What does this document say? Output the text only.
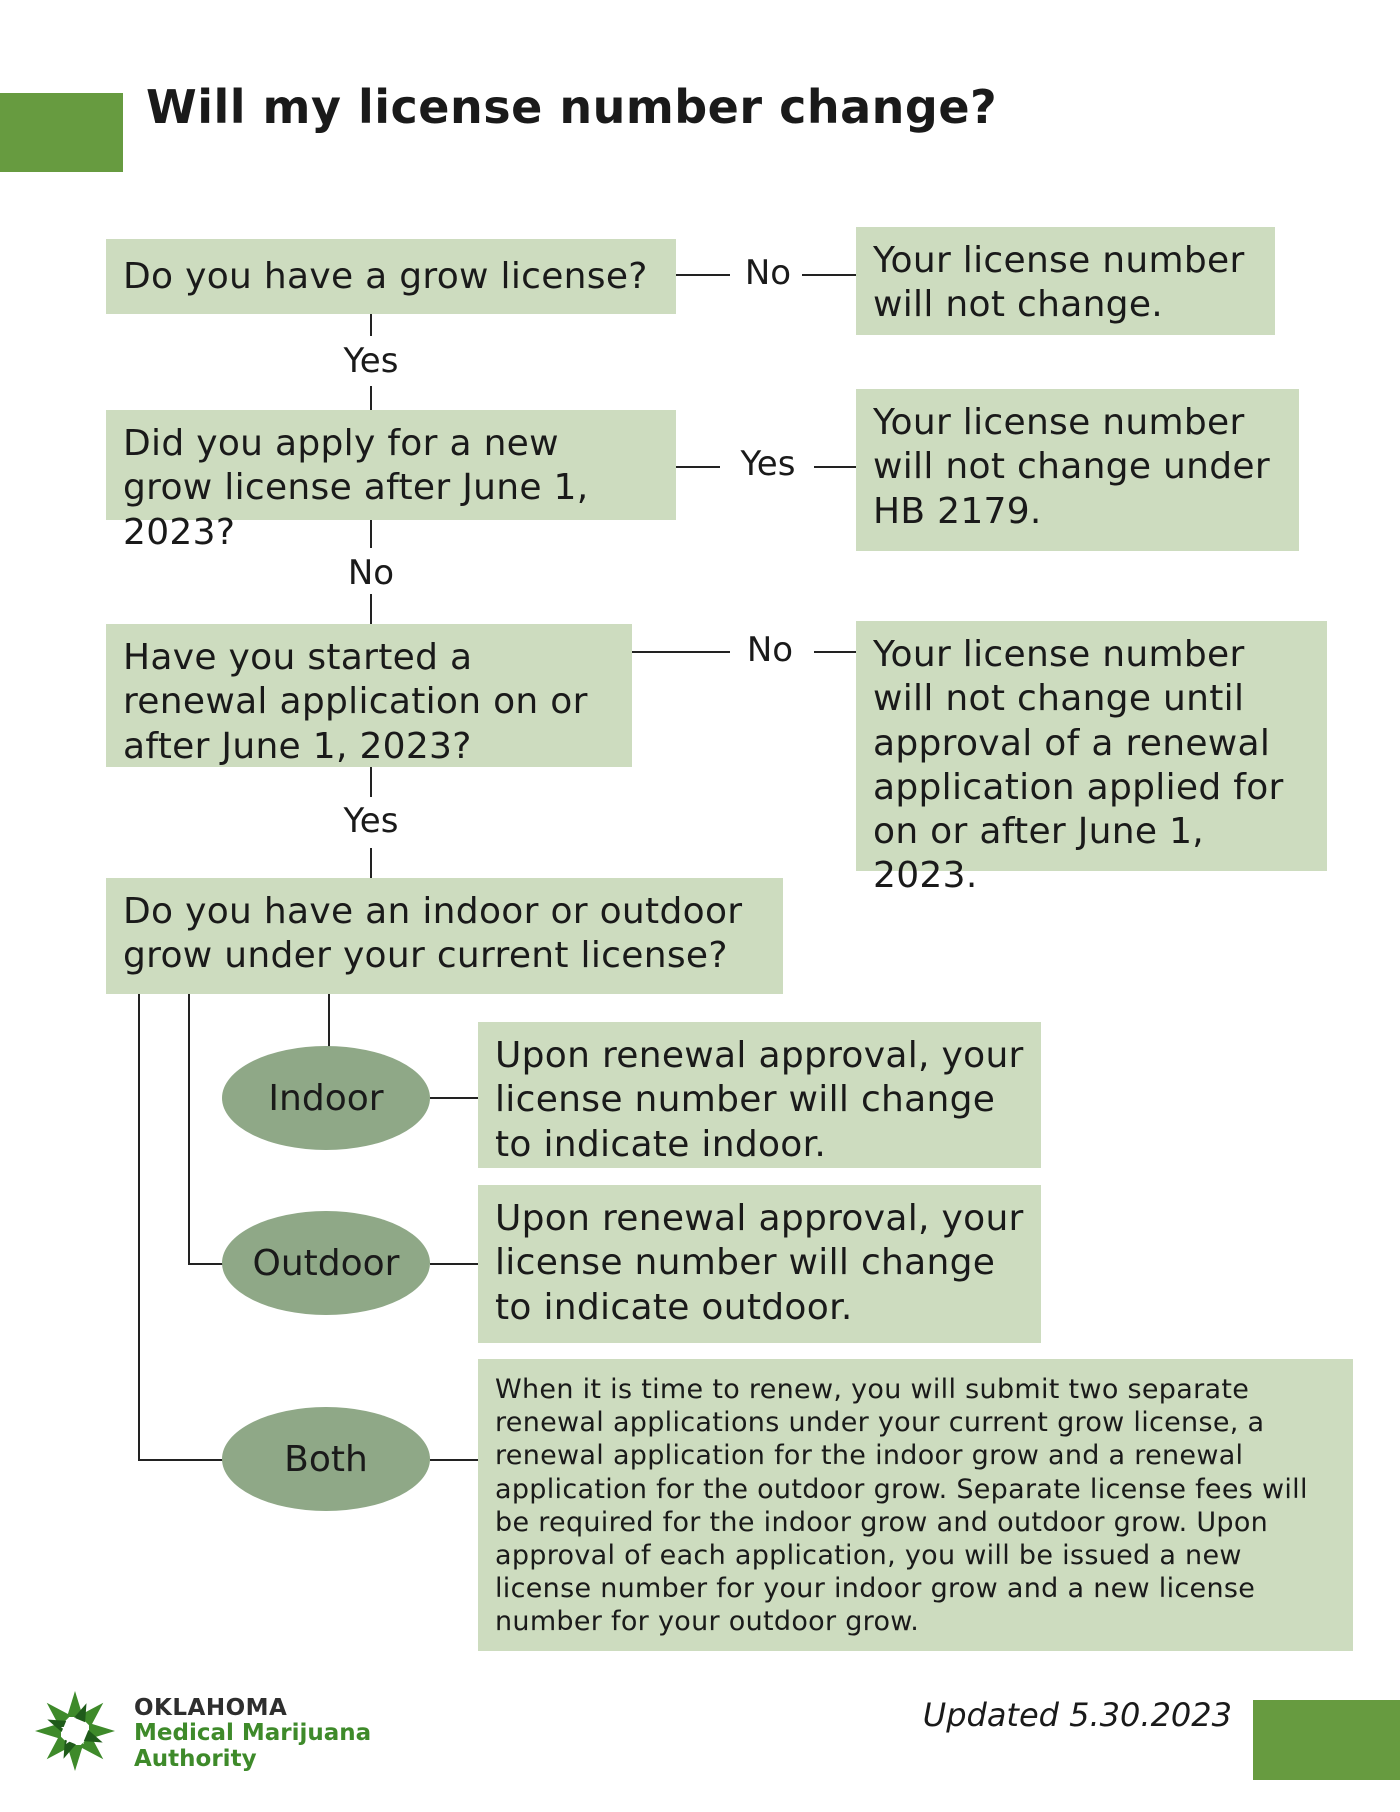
Will my license number change?
Do you have a grow license?	No	Your license number will not change.
Yes
Did you apply for a new grow license after June 1, 2023?
Yes
Your license number will not change under HB 2179.
No
Have you started a renewal application on or after June 1, 2023?
No	Your license number will not change until approval of a renewal application applied for on or after June 1, 2023.
Yes
Do you have an indoor or outdoor grow under your current license?
Indoor
Upon renewal approval, your license number will change to indicate indoor.
Outdoor
Upon renewal approval, your license number will change to indicate outdoor.
Both
When it is time to renew, you will submit two separate renewal applications under your current grow license, a renewal application for the indoor grow and a renewal application for the outdoor grow. Separate license fees will be required for the indoor grow and outdoor grow. Upon approval of each application, you will be issued a new license number for your indoor grow and a new license number for your outdoor grow.
OKLAHOMA
Medical Marijuana
Authority
Updated 5.30.2023
